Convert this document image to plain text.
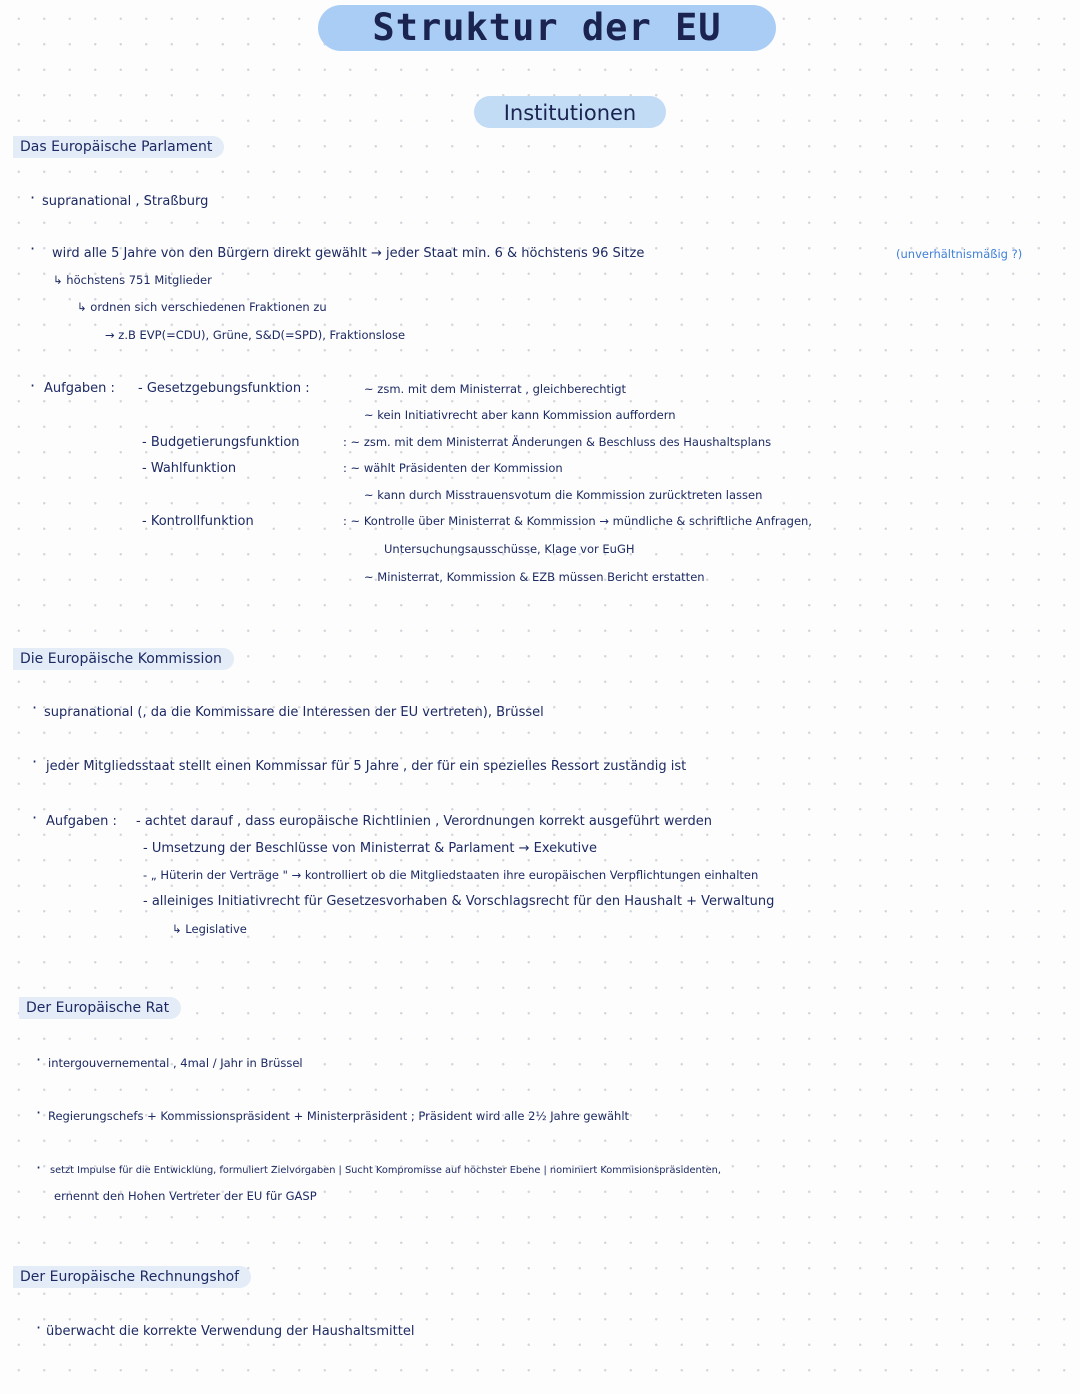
Struktur der EU
Institutionen
Das Europäische Parlament
· supranational , Straßburg
· wird alle 5 Jahre von den Bürgern direkt gewählt → jeder Staat min. 6 & höchstens 96 Sitze	(unverhältnismäßig ?)
↳ höchstens 751 Mitglieder
↳ ordnen sich verschiedenen Fraktionen zu
→ z.B EVP(=CDU), Grüne, S&D(=SPD), Fraktionslose
· Aufgaben : - Gesetzgebungsfunktion :	~ zsm. mit dem Ministerrat , gleichberechtigt
~ kein Initiativrecht aber kann Kommission auffordern
- Budgetierungsfunktion	: ~ zsm. mit dem Ministerrat Änderungen & Beschluss des Haushaltsplans
- Wahlfunktion	: ~ wählt Präsidenten der Kommission
~ kann durch Misstrauensvotum die Kommission zurücktreten lassen
- Kontrollfunktion	: ~ Kontrolle über Ministerrat & Kommission → mündliche & schriftliche Anfragen,
Untersuchungsausschüsse, Klage vor EuGH
~ Ministerrat, Kommission & EZB müssen Bericht erstatten
Die Europäische Kommission
· supranational (, da die Kommissare die Interessen der EU vertreten), Brüssel
· jeder Mitgliedsstaat stellt einen Kommissar für 5 Jahre , der für ein spezielles Ressort zuständig ist
· Aufgaben : - achtet darauf , dass europäische Richtlinien , Verordnungen korrekt ausgeführt werden
- Umsetzung der Beschlüsse von Ministerrat & Parlament → Exekutive
- „ Hüterin der Verträge " → kontrolliert ob die Mitgliedstaaten ihre europäischen Verpflichtungen einhalten
- alleiniges Initiativrecht für Gesetzesvorhaben & Vorschlagsrecht für den Haushalt + Verwaltung
↳ Legislative
Der Europäische Rat
· intergouvernemental , 4mal / Jahr in Brüssel
· Regierungschefs + Kommissionspräsident + Ministerpräsident ; Präsident wird alle 2½ Jahre gewählt
· setzt Impulse für die Entwicklung, formuliert Zielvorgaben | Sucht Kompromisse auf höchster Ebene | nominiert Kommisionspräsidenten,
ernennt den Hohen Vertreter der EU für GASP
Der Europäische Rechnungshof
· überwacht die korrekte Verwendung der Haushaltsmittel
